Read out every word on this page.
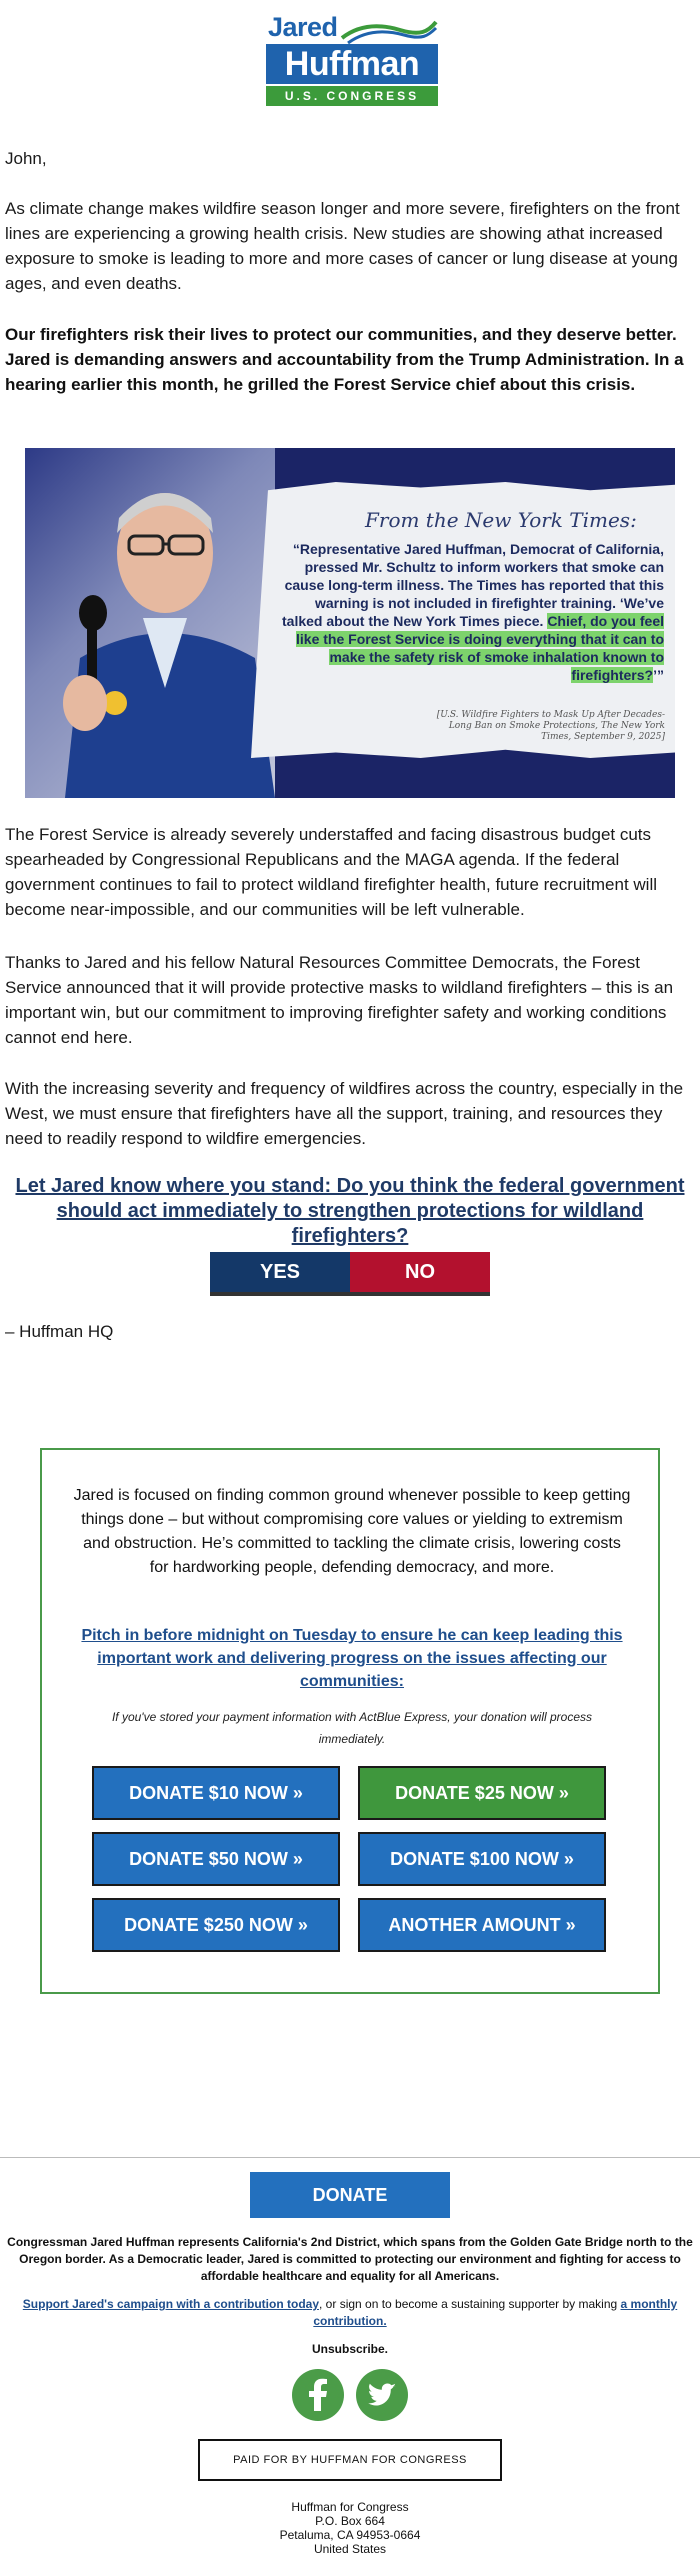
Jared
Huffman
U.S. CONGRESS
John,
As climate change makes wildfire season longer and more severe, firefighters on the front lines are experiencing a growing health crisis. New studies are showing athat increased exposure to smoke is leading to more and more cases of cancer or lung disease at young ages, and even deaths.
Our firefighters risk their lives to protect our communities, and they deserve better. Jared is demanding answers and accountability from the Trump Administration. In a hearing earlier this month, he grilled the Forest Service chief about this crisis.
From the New York Times:
“Representative Jared Huffman, Democrat of California, pressed Mr. Schultz to inform workers that smoke can cause long-term illness. The Times has reported that this warning is not included in firefighter training. ‘We’ve talked about the New York Times piece. Chief, do you feel like the Forest Service is doing everything that it can to make the safety risk of smoke inhalation known to firefighters?’”
[U.S. Wildfire Fighters to Mask Up After Decades-Long Ban on Smoke Protections, The New York Times, September 9, 2025]
The Forest Service is already severely understaffed and facing disastrous budget cuts spearheaded by Congressional Republicans and the MAGA agenda. If the federal government continues to fail to protect wildland firefighter health, future recruitment will become near-impossible, and our communities will be left vulnerable.
Thanks to Jared and his fellow Natural Resources Committee Democrats, the Forest Service announced that it will provide protective masks to wildland firefighters – this is an important win, but our commitment to improving firefighter safety and working conditions cannot end here.
With the increasing severity and frequency of wildfires across the country, especially in the West, we must ensure that firefighters have all the support, training, and resources they need to readily respond to wildfire emergencies.
Let Jared know where you stand: Do you think the federal government should act immediately to strengthen protections for wildland firefighters?
YES	NO
– Huffman HQ
Jared is focused on finding common ground whenever possible to keep getting things done – but without compromising core values or yielding to extremism and obstruction. He’s committed to tackling the climate crisis, lowering costs for hardworking people, defending democracy, and more.
Pitch in before midnight on Tuesday to ensure he can keep leading this important work and delivering progress on the issues affecting our communities:
If you've stored your payment information with ActBlue Express, your donation will process immediately.
DONATE $10 NOW »	DONATE $25 NOW »
DONATE $50 NOW »	DONATE $100 NOW »
DONATE $250 NOW »	ANOTHER AMOUNT »
DONATE
Congressman Jared Huffman represents California's 2nd District, which spans from the Golden Gate Bridge north to the Oregon border. As a Democratic leader, Jared is committed to protecting our environment and fighting for access to affordable healthcare and equality for all Americans.
Support Jared's campaign with a contribution today, or sign on to become a sustaining supporter by making a monthly contribution.
Unsubscribe.
PAID FOR BY HUFFMAN FOR CONGRESS
Huffman for Congress
P.O. Box 664
Petaluma, CA 94953-0664
United States
